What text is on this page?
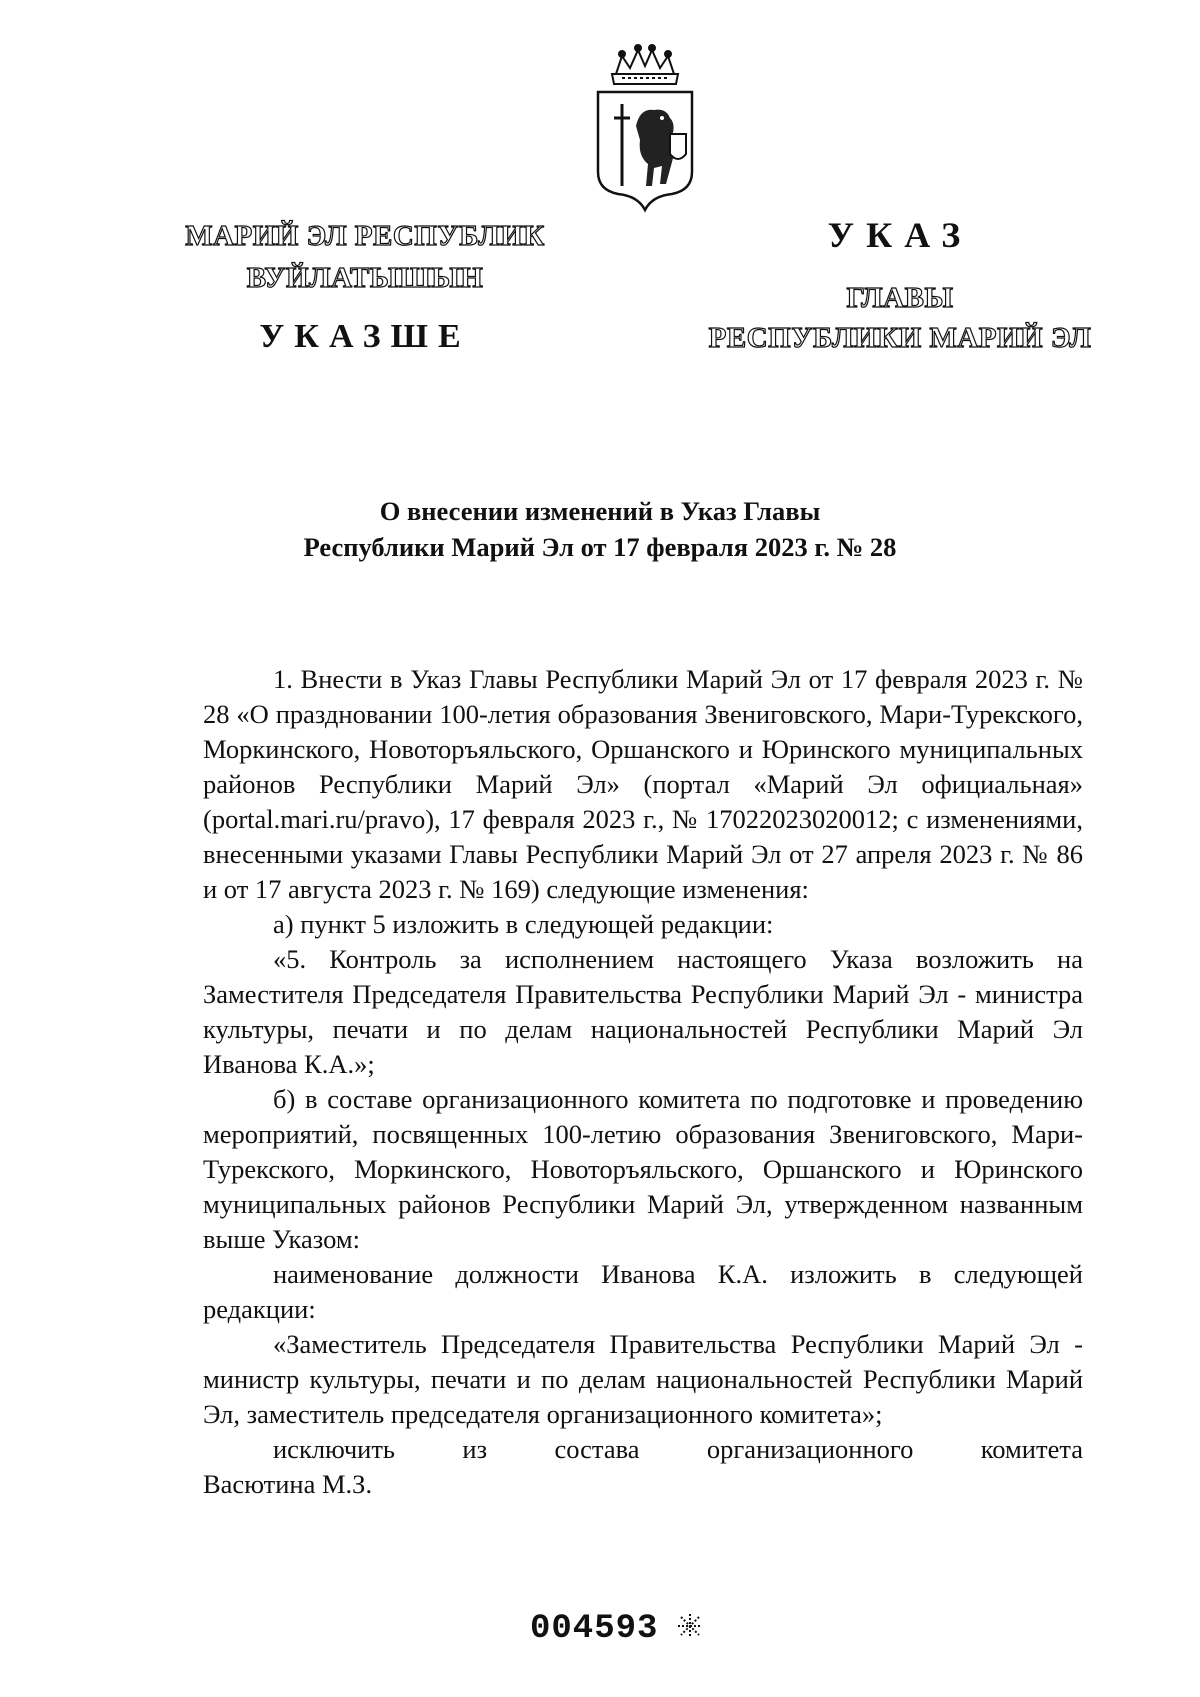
МАРИЙ ЭЛ РЕСПУБЛИК
ВУЙЛАТЫШЫН
УКАЗШЕ
УКАЗ
ГЛАВЫ
РЕСПУБЛИКИ МАРИЙ ЭЛ
О внесении изменений в Указ Главы
Республики Марий Эл от 17 февраля 2023 г. № 28

1. Внести в Указ Главы Республики Марий Эл от 17 февраля 2023 г. № 28 «О праздновании 100-летия образования Звениговского, Мари-Турекского, Моркинского, Новоторъяльского, Оршанского и Юринского муниципальных районов Республики Марий Эл» (портал «Марий Эл официальная» (portal.mari.ru/pravo), 17 февраля 2023 г., № 17022023020012; с изменениями, внесенными указами Главы Республики Марий Эл от 27 апреля 2023 г. № 86 и от 17 августа 2023 г. № 169) следующие изменения:

а) пункт 5 изложить в следующей редакции:

«5. Контроль за исполнением настоящего Указа возложить на Заместителя Председателя Правительства Республики Марий Эл - министра культуры, печати и по делам национальностей Республики Марий Эл Иванова К.А.»;

б) в составе организационного комитета по подготовке и проведению мероприятий, посвященных 100-летию образования Звениговского, Мари-Турекского, Моркинского, Новоторъяльского, Оршанского и Юринского муниципальных районов Республики Марий Эл, утвержденном названным выше Указом:

наименование должности Иванова К.А. изложить в следующей редакции:

«Заместитель Председателя Правительства Республики Марий Эл - министр культуры, печати и по делам национальностей Республики Марий Эл, заместитель председателя организационного комитета»;

исключить из состава организационного комитета

Васютина М.З.

004593
